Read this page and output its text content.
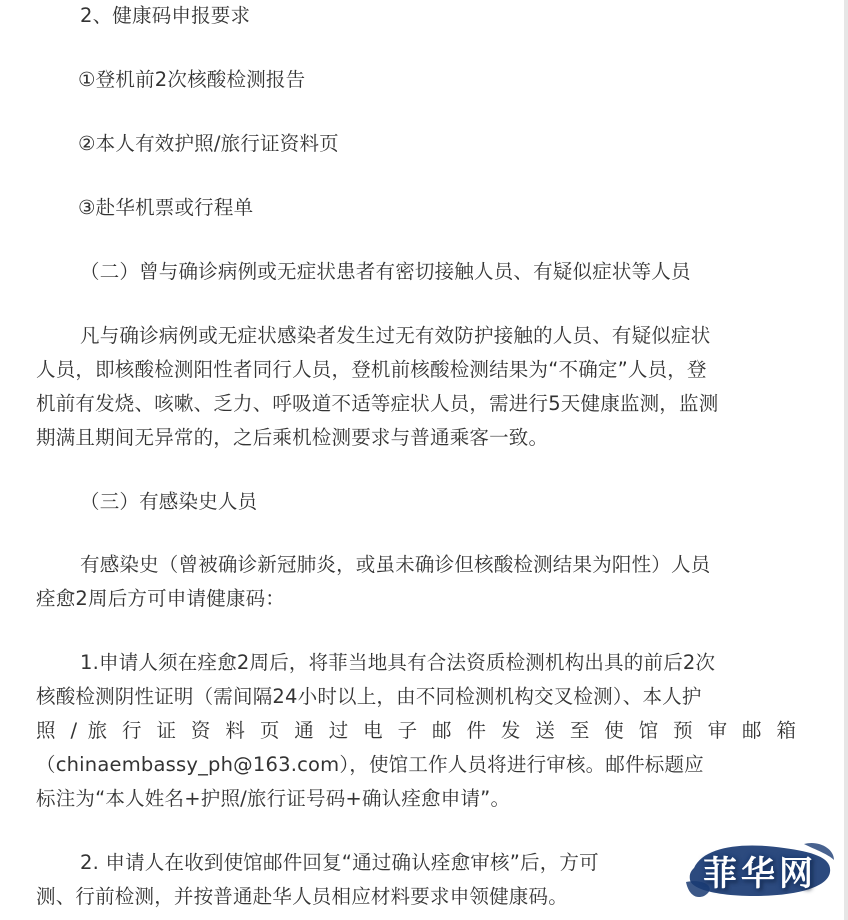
2、健康码申报要求
①登机前2次核酸检测报告
②本人有效护照/旅行证资料页
③赴华机票或行程单
（二）曾与确诊病例或无症状患者有密切接触人员、有疑似症状等人员
凡与确诊病例或无症状感染者发生过无有效防护接触的人员、有疑似症状
人员，即核酸检测阳性者同行人员，登机前核酸检测结果为“不确定”人员，登
机前有发烧、咳嗽、乏力、呼吸道不适等症状人员，需进行5天健康监测，监测
期满且期间无异常的，之后乘机检测要求与普通乘客一致。
（三）有感染史人员
有感染史（曾被确诊新冠肺炎，或虽未确诊但核酸检测结果为阳性）人员
痊愈2周后方可申请健康码：
1.申请人须在痊愈2周后，将菲当地具有合法资质检测机构出具的前后2次
核酸检测阴性证明（需间隔24小时以上，由不同检测机构交叉检测）、本人护
照 / 旅 行 证 资 料 页 通 过 电 子 邮 件 发 送 至 使 馆 预 审 邮 箱
（chinaembassy_ph@163.com），使馆工作人员将进行审核。邮件标题应
标注为“本人姓名+护照/旅行证号码+确认痊愈申请”。
2. 申请人在收到使馆邮件回复“通过确认痊愈审核”后，方可
测、行前检测，并按普通赴华人员相应材料要求申领健康码。
菲华网
